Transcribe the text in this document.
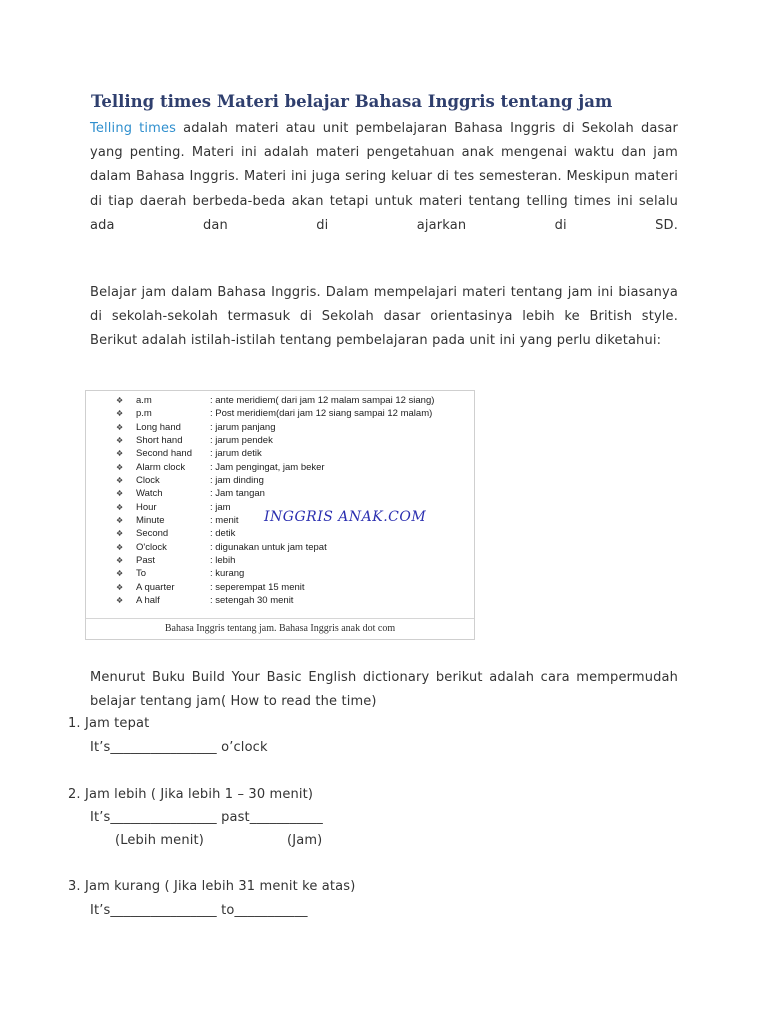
Telling times Materi belajar Bahasa Inggris tentang jam

Telling times adalah materi atau unit pembelajaran Bahasa Inggris di Sekolah dasar
yang penting. Materi ini adalah materi pengetahuan anak mengenai waktu dan jam
dalam Bahasa Inggris. Materi ini juga sering keluar di tes semesteran. Meskipun materi
di tiap daerah berbeda-beda akan tetapi untuk materi tentang telling times ini selalu
ada dan di ajarkan di SD.

Belajar jam dalam Bahasa Inggris. Dalam mempelajari materi tentang jam ini biasanya
di sekolah-sekolah termasuk di Sekolah dasar orientasinya lebih ke British style.
Berikut adalah istilah-istilah tentang pembelajaran pada unit ini yang perlu diketahui:

❖ a.m	: ante meridiem( dari jam 12 malam sampai 12 siang)
❖ p.m	: Post meridiem(dari jam 12 siang sampai 12 malam)
❖ Long hand	: jarum panjang
❖ Short hand	: jarum pendek
❖ Second hand : jarum detik
❖ Alarm clock	: Jam pengingat, jam beker
❖ Clock	: jam dinding
❖ Watch	: Jam tangan
❖ Hour	: jam
❖ Minute	: menit
❖ Second	: detik
❖ O'clock	: digunakan untuk jam tepat
❖ Past	: lebih
❖ To	: kurang
❖ A quarter	: seperempat 15 menit
❖ A half	: setengah 30 menit
INGGRIS ANAK.COM
Bahasa Inggris tentang jam. Bahasa Inggris anak dot com

Menurut Buku Build Your Basic English dictionary berikut adalah cara mempermudah
belajar tentang jam( How to read the time)

1. Jam tepat
It’s________________ o’clock
2. Jam lebih ( Jika lebih 1 – 30 menit)
It’s________________ past___________
(Lebih menit)	(Jam)
3. Jam kurang ( Jika lebih 31 menit ke atas)
It’s________________ to___________
